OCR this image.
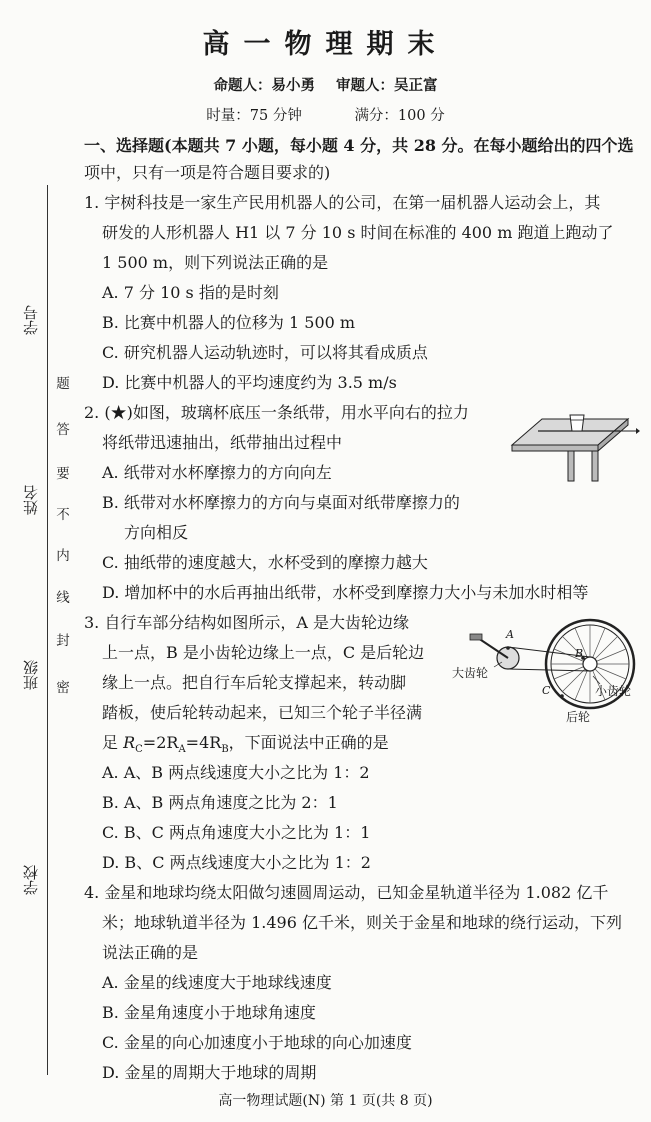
高一物理期末
命题人：易小勇 审题人：吴正富
时量：75 分钟	满分：100 分
学号
姓名
班级
学校
题
答
要
不
内
线
封
密
一、选择题(本题共 7 小题，每小题 4 分，共 28 分。在每小题给出的四个选
项中，只有一项是符合题目要求的)
1. 宇树科技是一家生产民用机器人的公司，在第一届机器人运动会上，其
研发的人形机器人 H1 以 7 分 10 s 时间在标准的 400 m 跑道上跑动了
1 500 m，则下列说法正确的是
A. 7 分 10 s 指的是时刻
B. 比赛中机器人的位移为 1 500 m
C. 研究机器人运动轨迹时，可以将其看成质点
D. 比赛中机器人的平均速度约为 3.5 m/s
2. (★)如图，玻璃杯底压一条纸带，用水平向右的拉力
将纸带迅速抽出，纸带抽出过程中
A. 纸带对水杯摩擦力的方向向左
B. 纸带对水杯摩擦力的方向与桌面对纸带摩擦力的
方向相反
C. 抽纸带的速度越大，水杯受到的摩擦力越大
D. 增加杯中的水后再抽出纸带，水杯受到摩擦力大小与未加水时相等
3. 自行车部分结构如图所示，A 是大齿轮边缘
上一点，B 是小齿轮边缘上一点，C 是后轮边
缘上一点。把自行车后轮支撑起来，转动脚
踏板，使后轮转动起来，已知三个轮子半径满
足 $R_C=2R_A=4R_B$，下面说法中正确的是
A. A、B 两点线速度大小之比为 1：2
B. A、B 两点角速度之比为 2：1
C. B、C 两点角速度大小之比为 1：1
D. B、C 两点线速度大小之比为 1：2
4. 金星和地球均绕太阳做匀速圆周运动，已知金星轨道半径为 1.082 亿千
米；地球轨道半径为 1.496 亿千米，则关于金星和地球的绕行运动，下列
说法正确的是
A. 金星的线速度大于地球线速度
B. 金星角速度小于地球角速度
C. 金星的向心加速度小于地球的向心加速度
D. 金星的周期大于地球的周期
A
B
C
大齿轮
小齿轮
后轮
高一物理试题(N) 第 1 页(共 8 页)
